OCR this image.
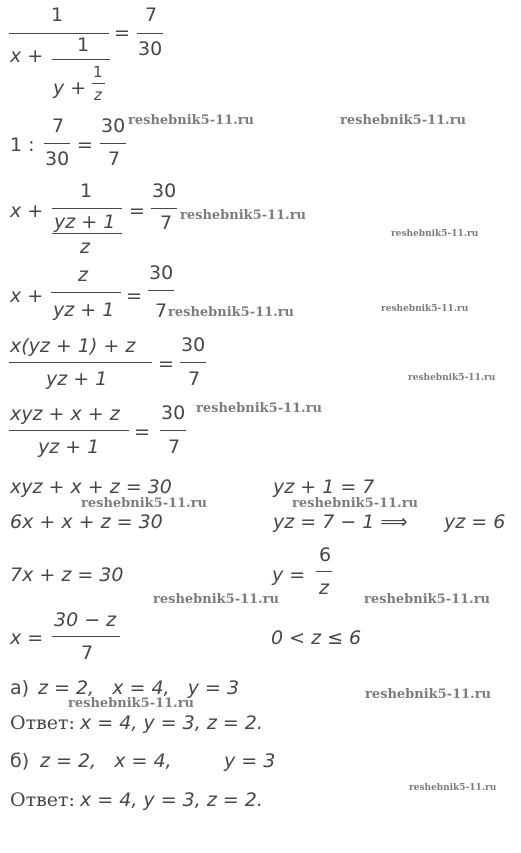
1
x + 1
y +
1
z
=
7
30
1 :
7
30
=
30
7
x +
1
yz + 1
z
=
30
7
x +
z
yz + 1
=
30
7
x(yz + 1) + z
yz + 1
=
30
7
xyz + x + z
yz + 1
=
30
7
xyz + x + z = 30	yz + 1 = 7
6x + x + z = 30	yz = 7 − 1 ⟹ yz = 6
7x + z = 30	y =
6
z
x =
30 − z
7
0 < z ≤ 6
а) z = 2,   x = 4,   y = 3
Ответ: x = 4, y = 3, z = 2.
б) z = 2,   x = 4,	y = 3
Ответ: x = 4, y = 3, z = 2.
reshebnik5-11.ru	reshebnik5-11.ru
reshebnik5-11.ru
reshebnik5-11.ru
reshebnik5-11.ru	reshebnik5-11.ru
reshebnik5-11.ru
reshebnik5-11.ru
reshebnik5-11.ru	reshebnik5-11.ru
reshebnik5-11.ru	reshebnik5-11.ru
reshebnik5-11.ru
reshebnik5-11.ru
reshebnik5-11.ru
